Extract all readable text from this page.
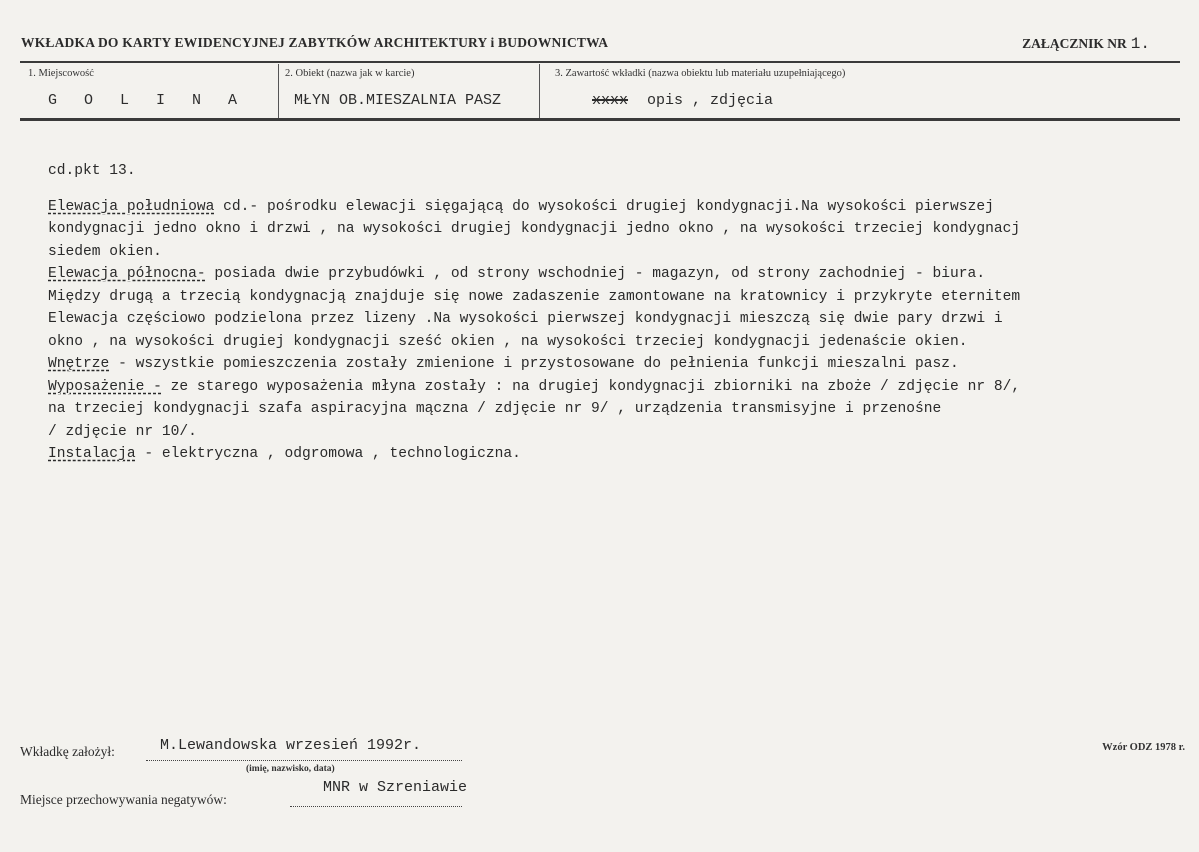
WKŁADKA DO KARTY EWIDENCYJNEJ ZABYTKÓW ARCHITEKTURY i BUDOWNICTWA	ZAŁĄCZNIK NR 1.
1. Miejscowość
G O L I N A
2. Obiekt (nazwa jak w karcie)
MŁYN OB.MIESZALNIA PASZ
3. Zawartość wkładki (nazwa obiektu lub materiału uzupełniającego)
xxxx opis , zdjęcia
cd.pkt 13.
Elewacja południowa cd.- pośrodku elewacji sięgającą do wysokości drugiej kondygnacji.Na wysokości pierwszej
kondygnacji jedno okno i drzwi , na wysokości drugiej kondygnacji jedno okno , na wysokości trzeciej kondygnacj
siedem okien.
Elewacja północna- posiada dwie przybudówki , od strony wschodniej - magazyn, od strony zachodniej - biura.
Między drugą a trzecią kondygnacją znajduje się nowe zadaszenie zamontowane na kratownicy i przykryte eternitem
Elewacja częściowo podzielona przez lizeny .Na wysokości pierwszej kondygnacji mieszczą się dwie pary drzwi i
okno , na wysokości drugiej kondygnacji sześć okien , na wysokości trzeciej kondygnacji jedenaście okien.
Wnętrze - wszystkie pomieszczenia zostały zmienione i przystosowane do pełnienia funkcji mieszalni pasz.
Wyposażenie - ze starego wyposażenia młyna zostały : na drugiej kondygnacji zbiorniki na zboże / zdjęcie nr 8/,
na trzeciej kondygnacji szafa aspiracyjna mączna / zdjęcie nr 9/ , urządzenia transmisyjne i przenośne
/ zdjęcie nr 10/.
Instalacja - elektryczna , odgromowa , technologiczna.
Wkładkę założył:	M.Lewandowska wrzesień 1992r.
(imię, nazwisko, data)
Miejsce przechowywania negatywów:
MNR w Szreniawie
Wzór ODZ 1978 r.
